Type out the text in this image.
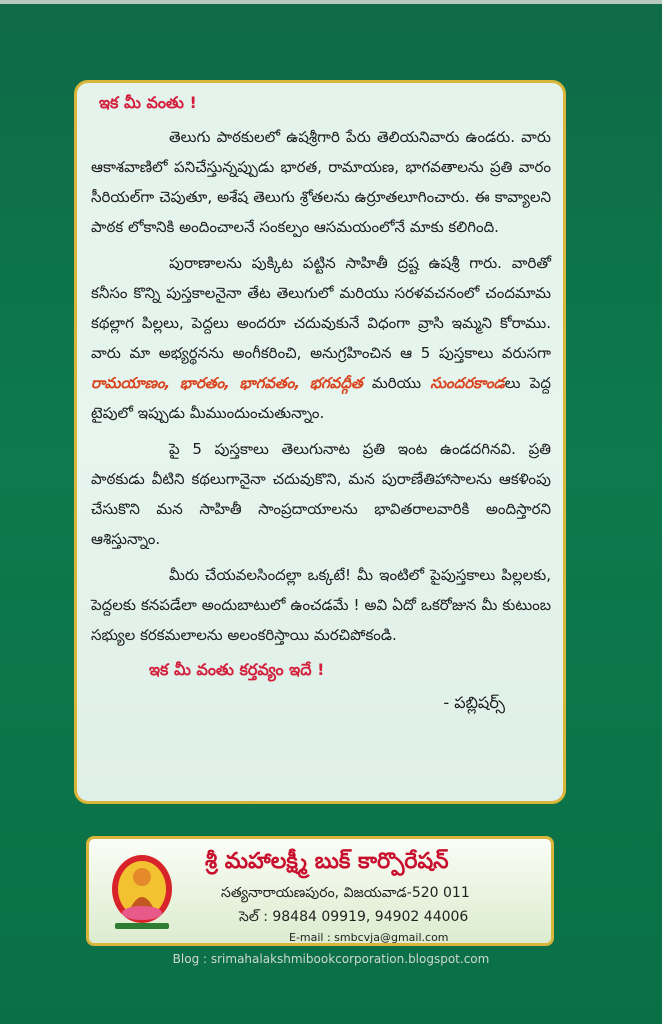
ఇక మీ వంతు !

తెలుగు పాఠకులలో ఉషశ్రీగారి పేరు తెలియనివారు ఉండరు. వారు ఆకాశవాణిలో పనిచేస్తున్నప్పుడు భారత, రామాయణ, భాగవతాలను ప్రతి వారం సీరియల్‌గా చెపుతూ, అశేష తెలుగు శ్రోతలను ఉర్రూతలూగించారు. ఈ కావ్యాలని పాఠక లోకానికి అందించాలనే సంకల్పం ఆసమయంలోనే మాకు కలిగింది.

పురాణాలను పుక్కిట పట్టిన సాహితీ ద్రష్ట ఉషశ్రీ గారు. వారితో కనీసం కొన్ని పుస్తకాలనైనా తేట తెలుగులో మరియు సరళవచనంలో చందమామ కథల్లాగ పిల్లలు, పెద్దలు అందరూ చదువుకునే విధంగా వ్రాసి ఇమ్మని కోరాము. వారు మా అభ్యర్థనను అంగీకరించి, అనుగ్రహించిన ఆ 5 పుస్తకాలు వరుసగా రామయాణం, భారతం, భాగవతం, భగవద్గీత మరియు సుందరకాండలు పెద్ద టైపులో ఇప్పుడు మీముందుంచుతున్నాం.

పై 5 పుస్తకాలు తెలుగునాట ప్రతి ఇంట ఉండదగినవి. ప్రతి పాఠకుడు వీటిని కథలుగానైనా చదువుకొని, మన పురాణేతిహాసాలను ఆకళింపు చేసుకొని మన సాహితీ సాంప్రదాయాలను భావితరాలవారికి అందిస్తారని ఆశిస్తున్నాం.

మీరు చేయవలసిందల్లా ఒక్కటే! మీ ఇంటిలో పైపుస్తకాలు పిల్లలకు, పెద్దలకు కనపడేలా అందుబాటులో ఉంచడమే ! అవి ఏదో ఒకరోజున మీ కుటుంబ సభ్యుల కరకమలాలను అలంకరిస్తాయి మరచిపోకండి.

ఇక మీ వంతు కర్తవ్యం ఇదే !
- పబ్లిషర్స్
శ్రీ మహాలక్ష్మీ బుక్ కార్పొరేషన్
సత్యనారాయణపురం, విజయవాడ-520 011
సెల్ : 98484 09919, 94902 44006
E-mail : smbcvja@gmail.com
Blog : srimahalakshmibookcorporation.blogspot.com
